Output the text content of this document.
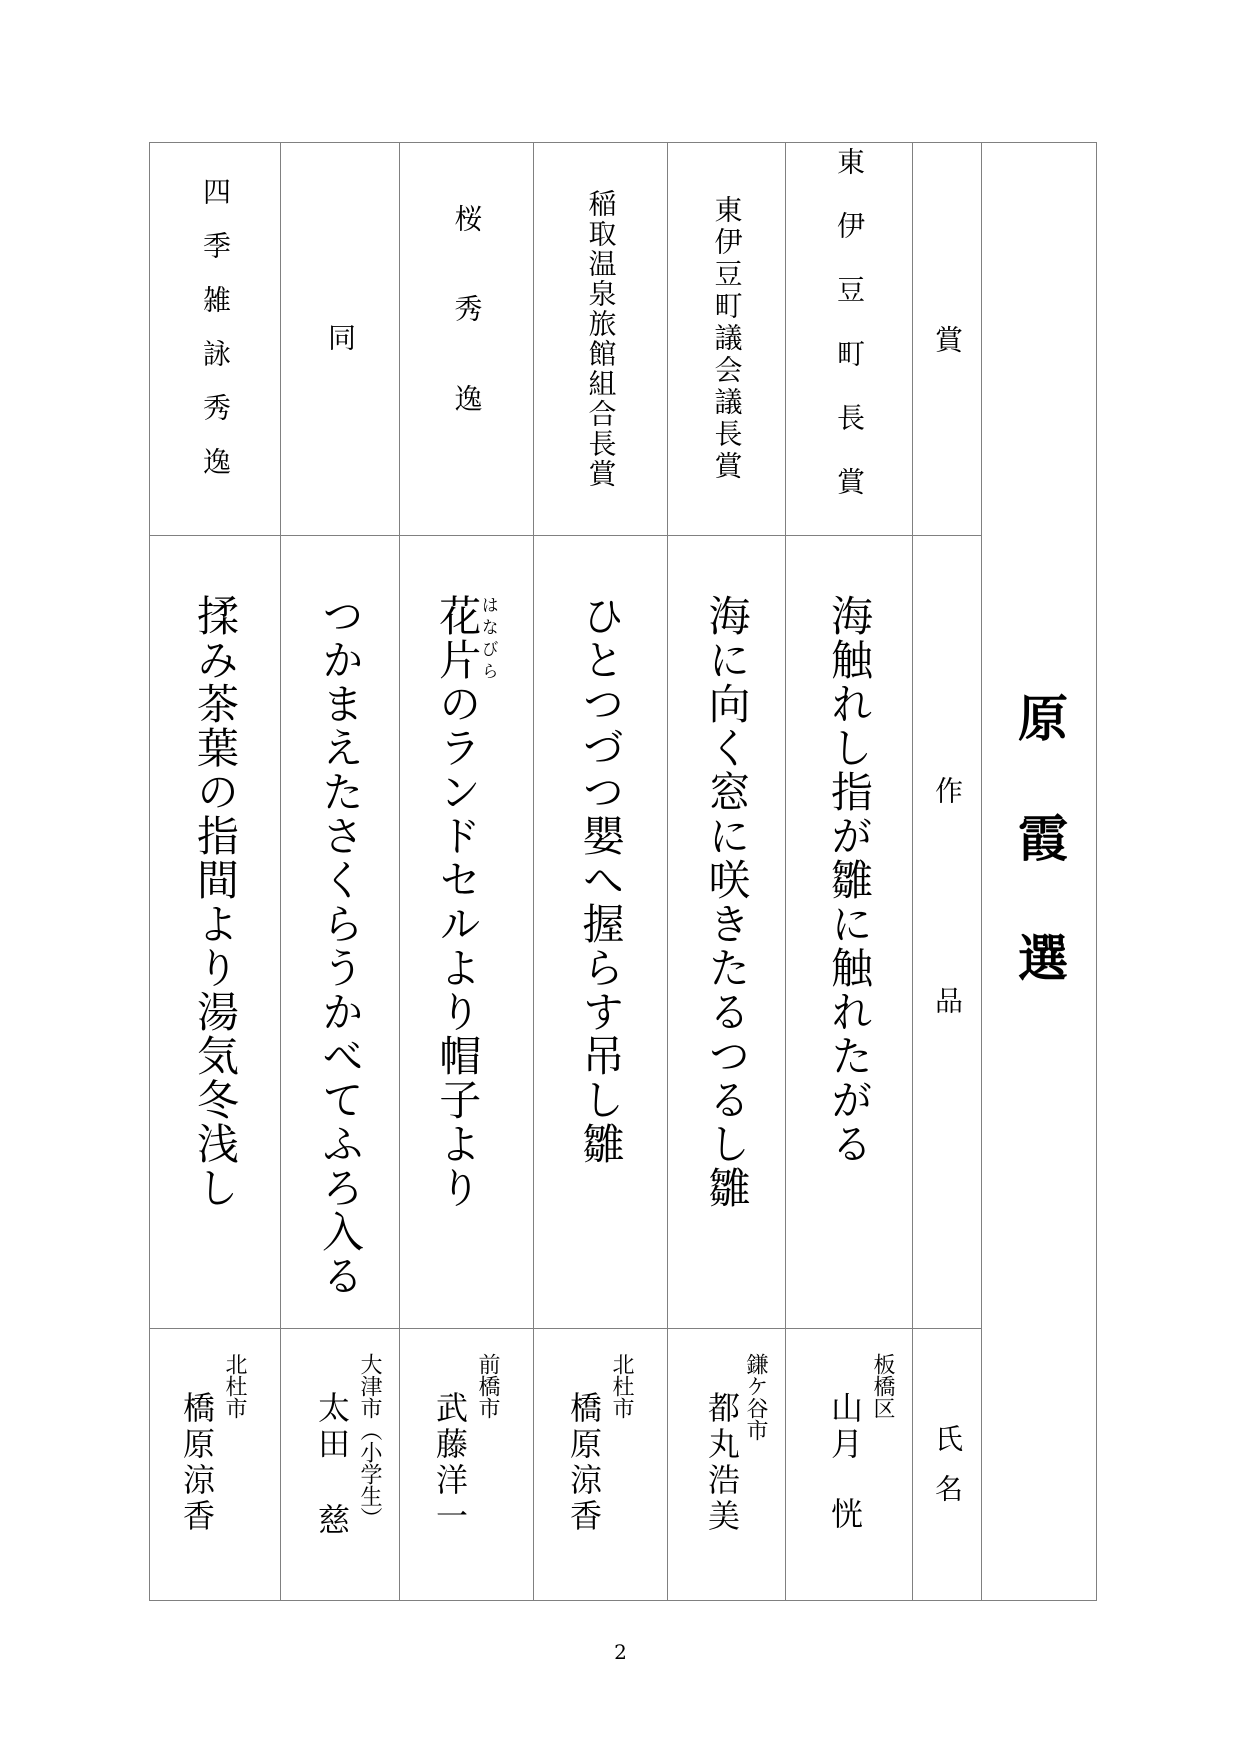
原霞選

賞

作

品

氏

名

東伊豆町長賞

海触れし指が雛に触れたがる

板橋区

山月恍

東伊豆町議会議長賞

海に向く窓に咲きたるつるし雛

鎌ケ谷市

都丸浩美

稲取温泉旅館組合長賞

ひとつづつ嬰へ握らす吊し雛

北杜市

橋原涼香

桜秀逸

花片はなびらのランドセルより帽子より

前橋市

武藤洋一

同

つかまえたさくらうかべてふろ入る

大津市（小学生）

太田慈

四季雑詠秀逸

揉み茶葉の指間より湯気冬浅し

北杜市

橋原涼香

2
